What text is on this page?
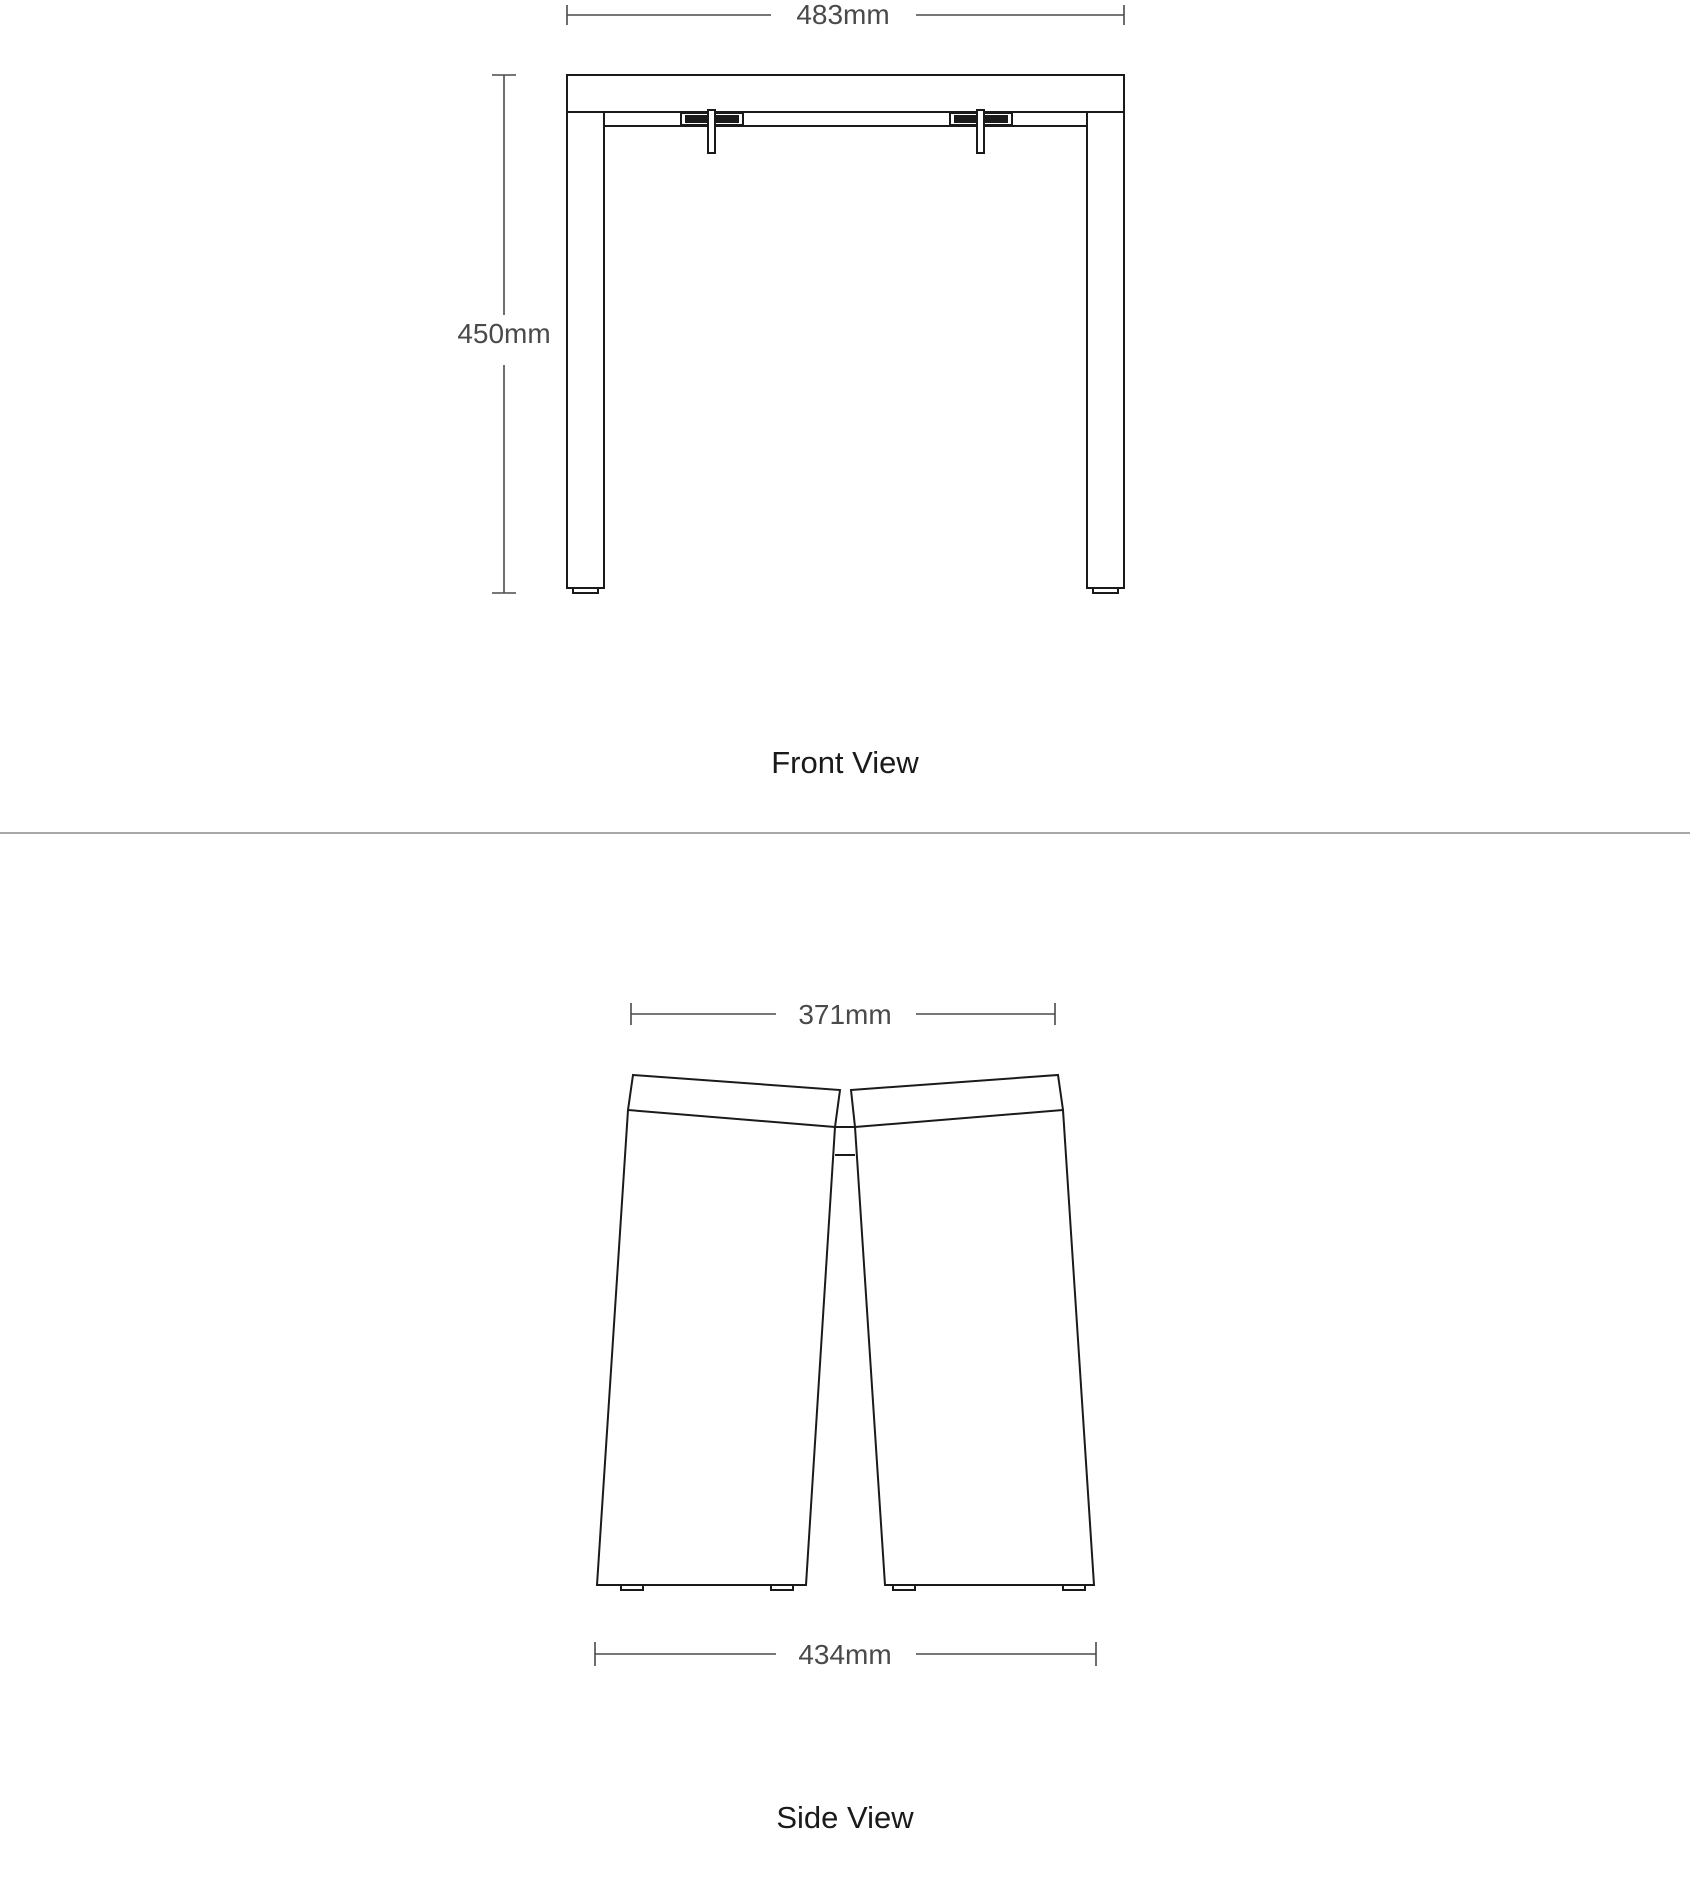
483mm
450mm
Front View
371mm
434mm
Side View
